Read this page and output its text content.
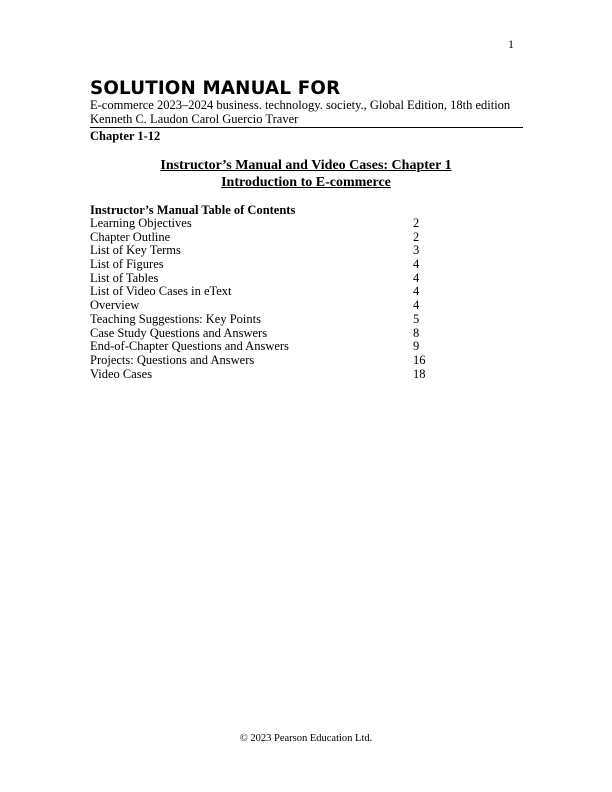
1
SOLUTION MANUAL FOR
E-commerce 2023–2024 business. technology. society., Global Edition, 18th edition
Kenneth C. Laudon Carol Guercio Traver
Chapter 1-12
Instructor’s Manual and Video Cases: Chapter 1
Introduction to E-commerce
Instructor’s Manual Table of Contents
Learning Objectives	2
Chapter Outline	2
List of Key Terms	3
List of Figures	4
List of Tables	4
List of Video Cases in eText	4
Overview	4
Teaching Suggestions: Key Points	5
Case Study Questions and Answers	8
End-of-Chapter Questions and Answers	9
Projects: Questions and Answers	16
Video Cases	18
© 2023 Pearson Education Ltd.
